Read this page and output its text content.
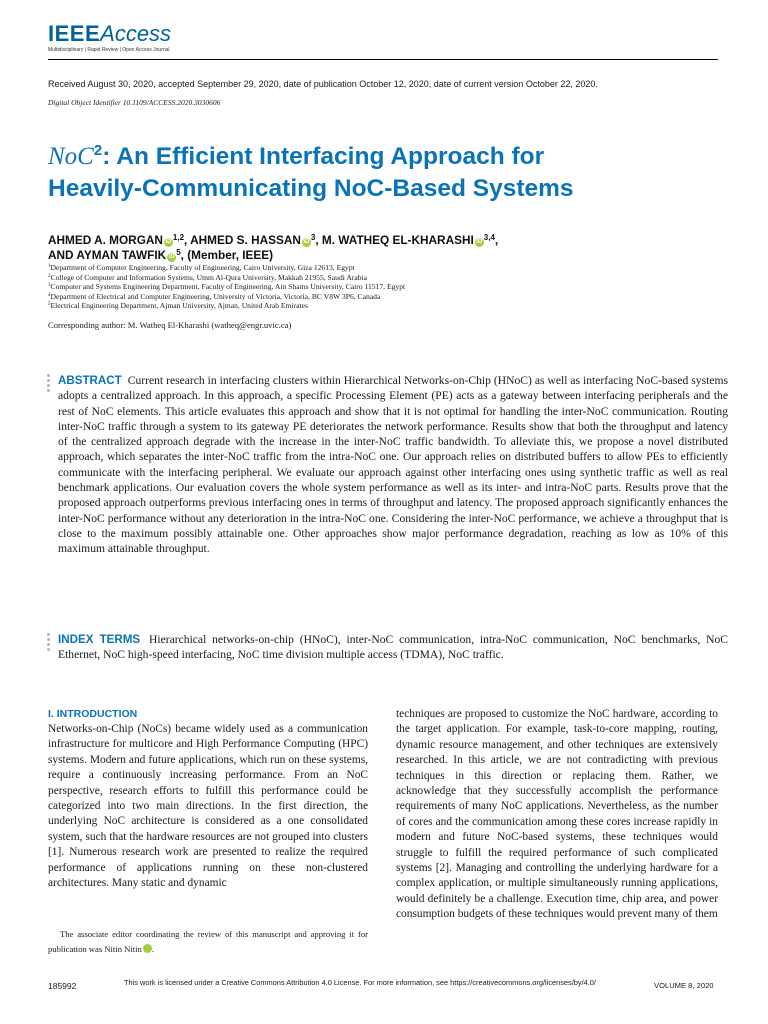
IEEEAccess
Multidisciplinary | Rapid Review | Open Access Journal
Received August 30, 2020, accepted September 29, 2020, date of publication October 12, 2020, date of current version October 22, 2020.
Digital Object Identifier 10.1109/ACCESS.2020.3030606
NoC$^2$: An Efficient Interfacing Approach for
Heavily-Communicating NoC-Based Systems
AHMED A. MORGAN iD $^{1,2}$, AHMED S. HASSAN iD $^3$, M. WATHEQ EL-KHARASHI iD $^{3,4}$,
AND AYMAN TAWFIK iD $^5$, (Member, IEEE)
$^1$Department of Computer Engineering, Faculty of Engineering, Cairo University, Giza 12613, Egypt
$^2$College of Computer and Information Systems, Umm Al-Qura University, Makkah 21955, Saudi Arabia
$^3$Computer and Systems Engineering Department, Faculty of Engineering, Ain Shams University, Cairo 11517, Egypt
$^4$Department of Electrical and Computer Engineering, University of Victoria, Victoria, BC V8W 3P6, Canada
$^5$Electrical Engineering Department, Ajman University, Ajman, United Arab Emirates
Corresponding author: M. Watheq El-Kharashi (watheq@engr.uvic.ca)
ABSTRACT Current research in interfacing clusters within Hierarchical Networks-on-Chip (HNoC) as well as interfacing NoC-based systems adopts a centralized approach. In this approach, a specific Processing Element (PE) acts as a gateway between interfacing peripherals and the rest of NoC elements. This article evaluates this approach and show that it is not optimal for handling the inter-NoC communication. Routing inter-NoC traffic through a system to its gateway PE deteriorates the network performance. Results show that both the throughput and latency of the centralized approach degrade with the increase in the inter-NoC traffic bandwidth. To alleviate this, we propose a novel distributed approach, which separates the inter-NoC traffic from the intra-NoC one. Our approach relies on distributed buffers to allow PEs to efficiently communicate with the interfacing peripheral. We evaluate our approach against other interfacing ones using synthetic traffic as well as real benchmark applications. Our evaluation covers the whole system performance as well as its inter- and intra-NoC parts. Results prove that the proposed approach outperforms previous interfacing ones in terms of throughput and latency. The proposed approach significantly enhances the inter-NoC performance without any deterioration in the intra-NoC one. Considering the inter-NoC performance, we achieve a throughput that is close to the maximum possibly attainable one. Other approaches show major performance degradation, reaching as low as 10% of this maximum attainable throughput.
INDEX TERMS Hierarchical networks-on-chip (HNoC), inter-NoC communication, intra-NoC communication, NoC benchmarks, NoC Ethernet, NoC high-speed interfacing, NoC time division multiple access (TDMA), NoC traffic.
I. INTRODUCTION
Networks-on-Chip (NoCs) became widely used as a communication infrastructure for multicore and High Performance Computing (HPC) systems. Modern and future applications, which run on these systems, require a continuously increasing performance. From an NoC perspective, research efforts to fulfill this performance could be categorized into two main directions. In the first direction, the underlying NoC architecture is considered as a one consolidated system, such that the hardware resources are not grouped into clusters [1]. Numerous research work are presented to realize the required performance of applications running on these non-clustered architectures. Many static and dynamic
techniques are proposed to customize the NoC hardware, according to the target application. For example, task-to-core mapping, routing, dynamic resource management, and other techniques are extensively researched. In this article, we are not contradicting with previous techniques in this direction or replacing them. Rather, we acknowledge that they successfully accomplish the performance requirements of many NoC applications. Nevertheless, as the number of cores and the communication among these cores increase rapidly in modern and future NoC-based systems, these techniques would struggle to fulfill the required performance of such complicated systems [2]. Managing and controlling the underlying hardware for a complex application, or multiple simultaneously running applications, would definitely be a challenge. Execution time, chip area, and power consumption budgets of these techniques would prevent many of them
The associate editor coordinating the review of this manuscript and approving it for publication was Nitin Nitin iD.
185992	This work is licensed under a Creative Commons Attribution 4.0 License. For more information, see https://creativecommons.org/licenses/by/4.0/	VOLUME 8, 2020
